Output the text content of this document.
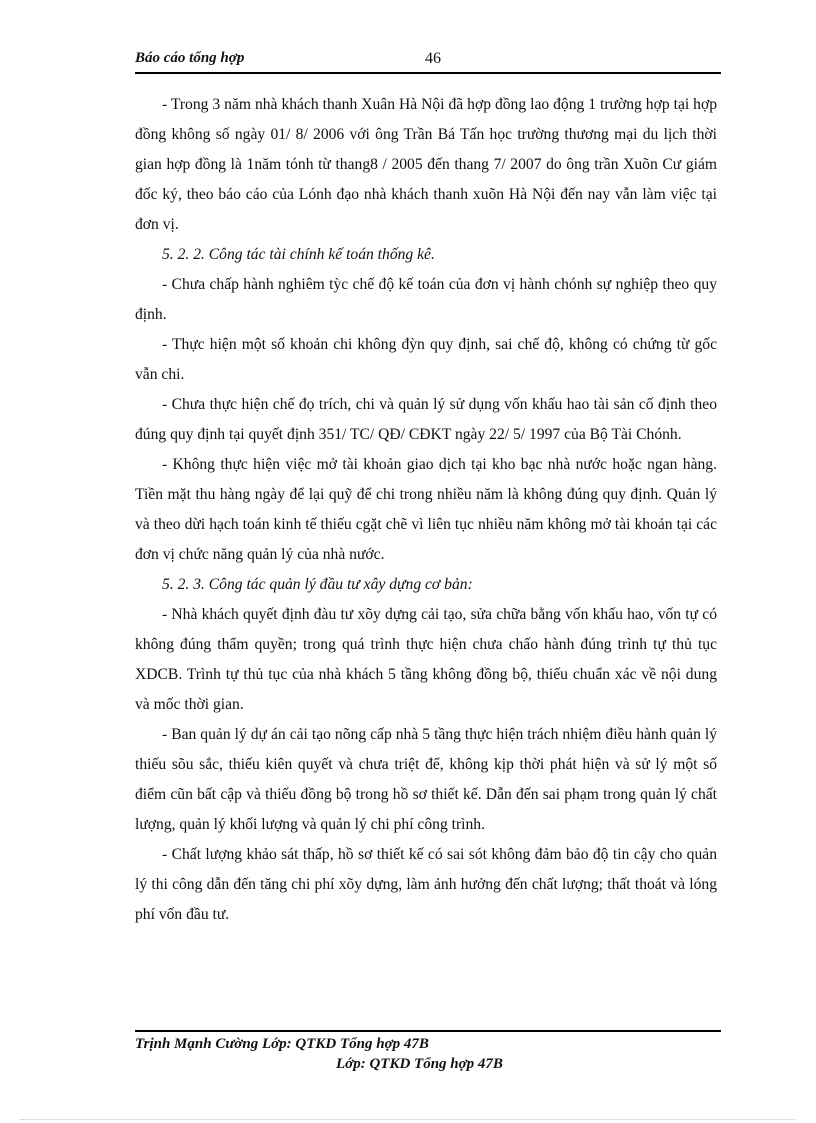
Báo cáo tổng hợp	46

- Trong 3 năm nhà khách thanh Xuân Hà Nội đã hợp đồng lao động 1 trường hợp tại hợp đồng không số ngày 01/ 8/ 2006 với ông Trần Bá Tấn học trường thương mại du lịch thời gian hợp đồng là 1năm tónh từ thang8 / 2005 đến thang 7/ 2007 do ông trần Xuõn Cư giám đốc ký, theo báo cáo của Lónh đạo nhà khách thanh xuõn Hà Nội đến nay vẫn làm việc tại đơn vị.

5. 2. 2. Công tác tài chính kế toán thống kê.

- Chưa chấp hành nghiêm tỳc chế độ kế toán của đơn vị hành chónh sự nghiệp theo quy định.

- Thực hiện một số khoản chi không đỳn quy định, sai chế độ, không có chứng từ gốc vẫn chi.

- Chưa thực hiện chế đọ trích, chi và quản lý sử dụng vốn khấu hao tài sản cố định theo đúng quy định tại quyết định 351/ TC/ QĐ/ CĐKT ngày 22/ 5/ 1997 của Bộ Tài Chónh.

- Không thực hiện việc mở tài khoản giao dịch tại kho bạc nhà nước hoặc ngan hàng. Tiền mặt thu hàng ngày để lại quỹ để chi trong nhiều năm là không đúng quy định. Quản lý và theo dừi hạch toán kinh tế thiếu cgặt chẽ vì liên tục nhiều năm không mở tài khoản tại các đơn vị chức năng quản lý của nhà nước.

5. 2. 3. Công tác quản lý đầu tư xây dựng cơ bản:

- Nhà khách quyết định đàu tư xõy dựng cải tạo, sửa chữa bằng vốn khấu hao, vốn tự có không đúng thẩm quyền; trong quá trình thực hiện chưa chấo hành đúng trình tự thủ tục XDCB. Trình tự thủ tục của nhà khách 5 tầng không đồng bộ, thiếu chuẩn xác về nội dung và mốc thời gian.

- Ban quản lý dự án cải tạo nõng cấp nhà 5 tầng thực hiện trách nhiệm điều hành quản lý thiếu sõu sắc, thiếu kiên quyết và chưa triệt để, không kịp thời phát hiện và sử lý một số điểm cũn bất cập và thiếu đồng bộ trong hồ sơ thiết kế. Dẫn đến sai phạm trong quản lý chất lượng, quản lý khối lượng và quản lý chi phí công trình.

- Chất lượng khảo sát thấp, hồ sơ thiết kế có sai sót không đảm bảo độ tin cậy cho quản lý thi công dẫn đến tăng chi phí xõy dựng, làm ảnh hưởng đến chất lượng; thất thoát và lóng phí vốn đầu tư.

Trịnh Mạnh Cường Lớp: QTKD Tổng hợp 47B
Lớp: QTKD Tổng hợp 47B
